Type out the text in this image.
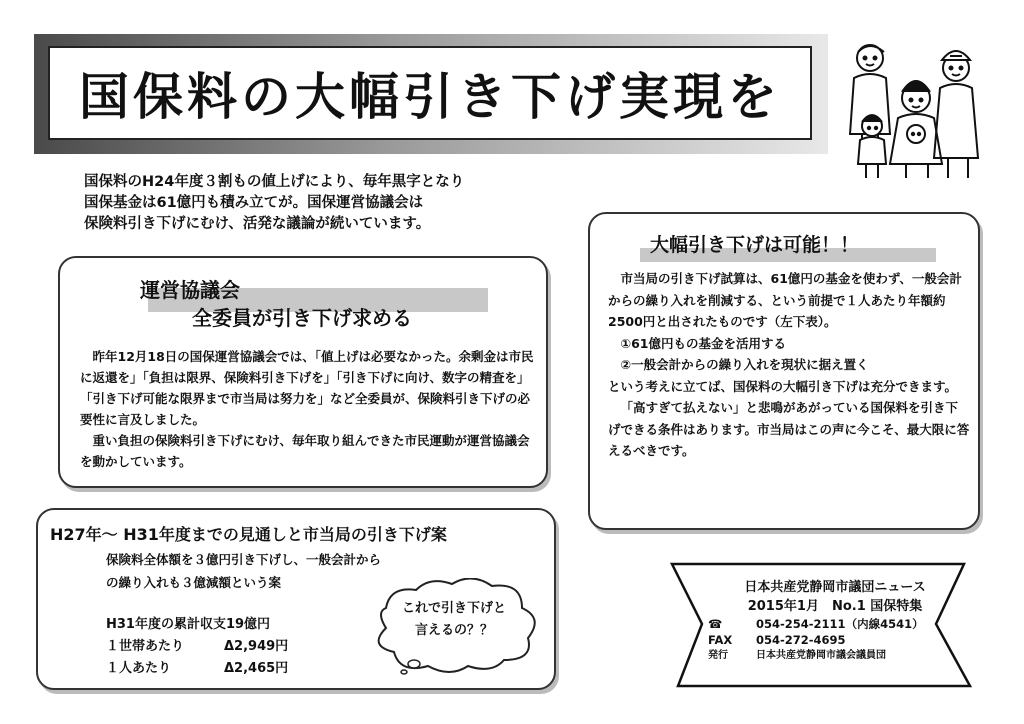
国保料の大幅引き下げ実現を
国保料のH24年度３割もの値上げにより、毎年黒字となり
国保基金は61億円も積み立てが。国保運営協議会は
保険料引き下げにむけ、活発な議論が続いています。
運営協議会
全委員が引き下げ求める

昨年12月18日の国保運営協議会では、「値上げは必要なかった。余剰金は市民に返還を」「負担は限界、保険料引き下げを」「引き下げに向け、数字の精査を」「引き下げ可能な限界まで市当局は努力を」など全委員が、保険料引き下げの必要性に言及しました。

重い負担の保険料引き下げにむけ、毎年取り組んできた市民運動が運営協議会を動かしています。

H27年〜 H31年度までの見通しと市当局の引き下げ案
保険料全体額を３億円引き下げし、一般会計から
の繰り入れも３億減額という案
H31年度の累計収支19億円
１世帯あたり	Δ2,949円
１人あたり	Δ2,465円
これで引き下げと
言えるの？？
大幅引き下げは可能！！

市当局の引き下げ試算は、61億円の基金を使わず、一般会計からの繰り入れを削減する、という前提で１人あたり年額約2500円と出されたものです（左下表）。

①61億円もの基金を活用する

②一般会計からの繰り入れを現状に据え置く

という考えに立てば、国保料の大幅引き下げは充分できます。

「高すぎて払えない」と悲鳴があがっている国保料を引き下げできる条件はあります。市当局はこの声に今こそ、最大限に答えるべきです。

日本共産党静岡市議団ニュース
2015年1月　No.1 国保特集
☎	054-254-2111（内線4541）
FAX	054-272-4695
発行	日本共産党静岡市議会議員団
